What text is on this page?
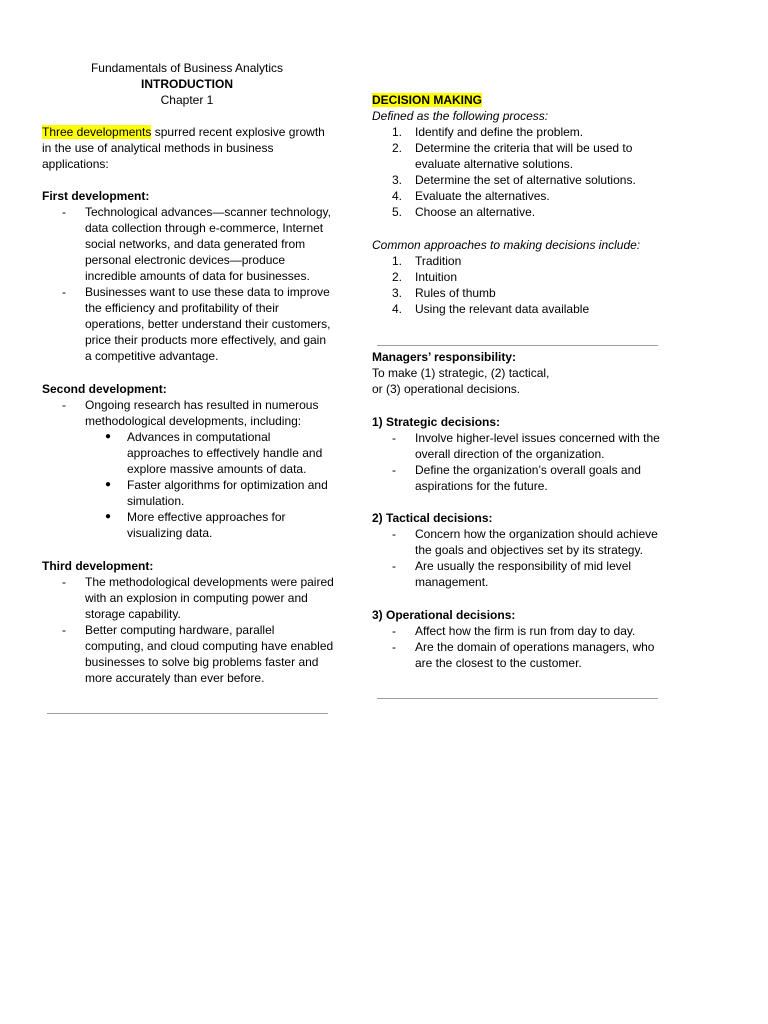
Fundamentals of Business Analytics
INTRODUCTION
Chapter 1

Three developments spurred recent explosive growth in the use of analytical methods in business applications:

First development:

- Technological advances—scanner technology, data collection through e-commerce, Internet social networks, and data generated from personal electronic devices—produce incredible amounts of data for businesses.
- Businesses want to use these data to improve the efficiency and profitability of their operations, better understand their customers, price their products more effectively, and gain a competitive advantage.

Second development:

- Ongoing research has resulted in numerous methodological developments, including:
● Advances in computational approaches to effectively handle and explore massive amounts of data.
● Faster algorithms for optimization and simulation.
● More effective approaches for visualizing data.

Third development:

- The methodological developments were paired with an explosion in computing power and storage capability.
- Better computing hardware, parallel computing, and cloud computing have enabled businesses to solve big problems faster and more accurately than ever before.

DECISION MAKING

Defined as the following process:

1. Identify and define the problem.
2. Determine the criteria that will be used to evaluate alternative solutions.
3. Determine the set of alternative solutions.
4. Evaluate the alternatives.
5. Choose an alternative.

Common approaches to making decisions include:

1. Tradition
2. Intuition
3. Rules of thumb
4. Using the relevant data available

Managers’ responsibility:

To make (1) strategic, (2) tactical,

or (3) operational decisions.

1) Strategic decisions:

- Involve higher-level issues concerned with the overall direction of the organization.
- Define the organization’s overall goals and aspirations for the future.

2) Tactical decisions:

- Concern how the organization should achieve the goals and objectives set by its strategy.
- Are usually the responsibility of mid level management.

3) Operational decisions:

- Affect how the firm is run from day to day.
- Are the domain of operations managers, who are the closest to the customer.
